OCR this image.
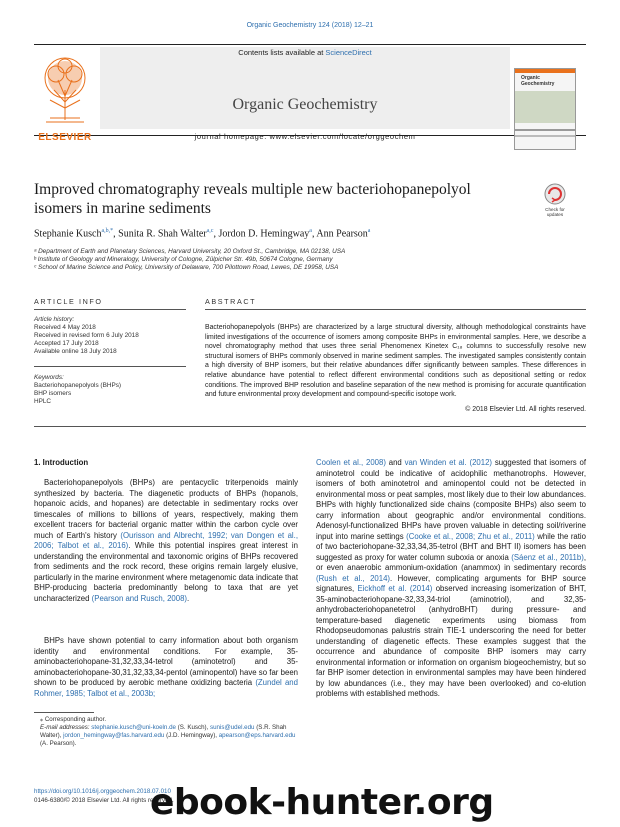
Organic Geochemistry 124 (2018) 12–21
ELSEVIER
Contents lists available at ScienceDirect
Organic Geochemistry
journal homepage: www.elsevier.com/locate/orggeochem
Organic Geochemistry
Improved chromatography reveals multiple new bacteriohopanepolyol isomers in marine sediments	Check for
updates
Stephanie Kusch$^{a,b,*}$, Sunita R. Shah Walter$^{a,c}$, Jordon D. Hemingway$^a$, Ann Pearson$^a$
ᵃ Department of Earth and Planetary Sciences, Harvard University, 20 Oxford St., Cambridge, MA 02138, USA
ᵇ Institute of Geology and Mineralogy, University of Cologne, Zülpicher Str. 49b, 50674 Cologne, Germany
ᶜ School of Marine Science and Policy, University of Delaware, 700 Pilottown Road, Lewes, DE 19958, USA
ARTICLE INFO
Article history:
Received 4 May 2018
Received in revised form 6 July 2018
Accepted 17 July 2018
Available online 18 July 2018
Keywords:
Bacteriohopanepolyols (BHPs)
BHP isomers
HPLC
ABSTRACT
Bacteriohopanepolyols (BHPs) are characterized by a large structural diversity, although methodological constraints have limited investigations of the occurrence of isomers among composite BHPs in environmental samples. Here, we describe a novel chromatography method that uses three serial Phenomenex Kinetex C₁₈ columns to successfully resolve new structural isomers of BHPs commonly observed in marine sediment samples. The investigated samples consistently contain a high diversity of BHP isomers, but their relative abundances differ significantly between samples. These differences in relative abundance have potential to reflect different environmental conditions such as depositional setting or redox conditions. The improved BHP resolution and baseline separation of the new method is promising for accurate quantification and future environmental proxy development and compound-specific isotope work.
© 2018 Elsevier Ltd. All rights reserved.
1. Introduction
Bacteriohopanepolyols (BHPs) are pentacyclic triterpenoids mainly synthesized by bacteria. The diagenetic products of BHPs (hopanols, hopanoic acids, and hopanes) are detectable in sedimentary rocks over timescales of millions to billions of years, respectively, making them excellent tracers for bacterial organic matter within the carbon cycle over much of Earth's history (Ourisson and Albrecht, 1992; van Dongen et al., 2006; Talbot et al., 2016). While this potential inspires great interest in understanding the environmental and taxonomic origins of BHPs recovered from sediments and the rock record, these origins remain largely elusive, particularly in the marine environment where metagenomic data indicate that BHP-producing bacteria predominantly belong to taxa that are yet uncharacterized (Pearson and Rusch, 2008).
BHPs have shown potential to carry information about both organism identity and environmental conditions. For example, 35-aminobacteriohopane-31,32,33,34-tetrol (aminotetrol) and 35-aminobacteriohopane-30,31,32,33,34-pentol (aminopentol) have so far been shown to be produced by aerobic methane oxidizing bacteria (Zundel and Rohmer, 1985; Talbot et al., 2003b;
Coolen et al., 2008) and van Winden et al. (2012) suggested that isomers of aminotetrol could be indicative of acidophilic methanotrophs. However, isomers of both aminotetrol and aminopentol could not be detected in environmental moss or peat samples, most likely due to their low abundances. BHPs with highly functionalized side chains (composite BHPs) also seem to carry information about geographic and/or environmental conditions. Adenosyl-functionalized BHPs have proven valuable in detecting soil/riverine input into marine settings (Cooke et al., 2008; Zhu et al., 2011) while the ratio of two bacteriohopane-32,33,34,35-tetrol (BHT and BHT II) isomers has been suggested as proxy for water column suboxia or anoxia (Sáenz et al., 2011b), or even anaerobic ammonium-oxidation (anammox) in sedimentary records (Rush et al., 2014). However, complicating arguments for BHP source signatures, Eickhoff et al. (2014) observed increasing isomerization of BHT, 35-aminobacteriohopane-32,33,34-triol (aminotriol), and 32,35-anhydrobacteriohopanetetrol (anhydroBHT) during pressure- and temperature-based diagenetic experiments using biomass from Rhodopseudomonas palustris strain TIE-1 underscoring the need for better understanding of diagenetic effects. These examples suggest that the occurrence and abundance of composite BHP isomers may carry environmental information or information on organism biogeochemistry, but so far BHP isomer detection in environmental samples may have been hindered by low abundances (i.e., they may have been overlooked) and co-elution problems with established methods.
⁎ Corresponding author.
E-mail addresses: stephanie.kusch@uni-koeln.de (S. Kusch), sunis@udel.edu (S.R. Shah Walter), jordon_hemingway@fas.harvard.edu (J.D. Hemingway), apearson@eps.harvard.edu (A. Pearson).
https://doi.org/10.1016/j.orggeochem.2018.07.010
0146-6380/© 2018 Elsevier Ltd. All rights reserved.
ebook-hunter.org
